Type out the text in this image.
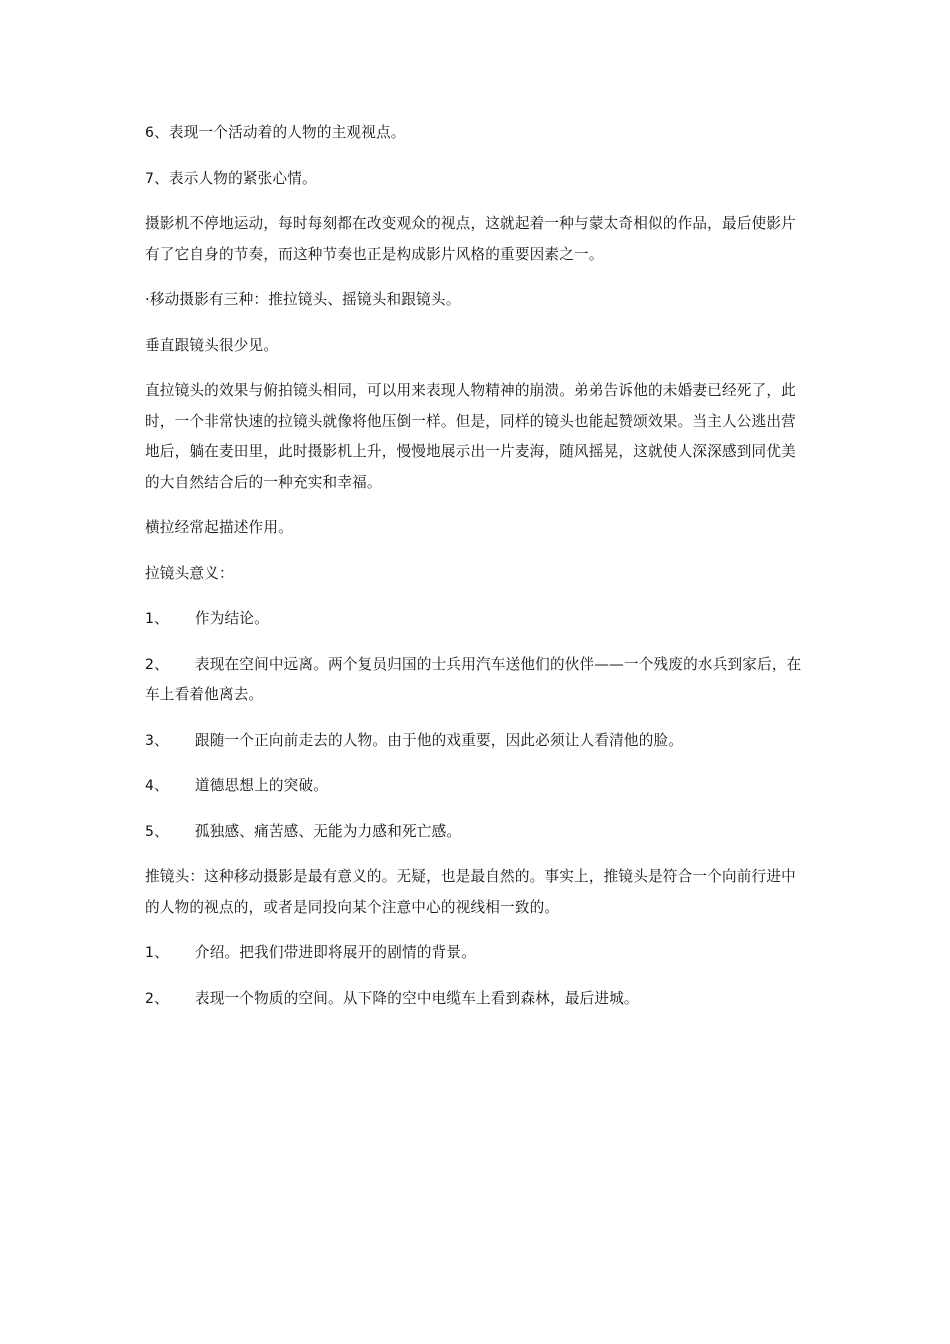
6、表现一个活动着的人物的主观视点。

7、表示人物的紧张心情。

摄影机不停地运动，每时每刻都在改变观众的视点，这就起着一种与蒙太奇相似的作品，最后使影片有了它自身的节奏，而这种节奏也正是构成影片风格的重要因素之一。

·移动摄影有三种：推拉镜头、摇镜头和跟镜头。

垂直跟镜头很少见。

直拉镜头的效果与俯拍镜头相同，可以用来表现人物精神的崩溃。弟弟告诉他的未婚妻已经死了，此时，一个非常快速的拉镜头就像将他压倒一样。但是，同样的镜头也能起赞颂效果。当主人公逃出营地后，躺在麦田里，此时摄影机上升，慢慢地展示出一片麦海，随风摇晃，这就使人深深感到同优美的大自然结合后的一种充实和幸福。

横拉经常起描述作用。

拉镜头意义：

1、 作为结论。

2、 表现在空间中远离。两个复员归国的士兵用汽车送他们的伙伴——一个残废的水兵到家后，在车上看着他离去。

3、 跟随一个正向前走去的人物。由于他的戏重要，因此必须让人看清他的脸。

4、 道德思想上的突破。

5、 孤独感、痛苦感、无能为力感和死亡感。

推镜头：这种移动摄影是最有意义的。无疑，也是最自然的。事实上，推镜头是符合一个向前行进中的人物的视点的，或者是同投向某个注意中心的视线相一致的。

1、 介绍。把我们带进即将展开的剧情的背景。

2、 表现一个物质的空间。从下降的空中电缆车上看到森林，最后进城。
